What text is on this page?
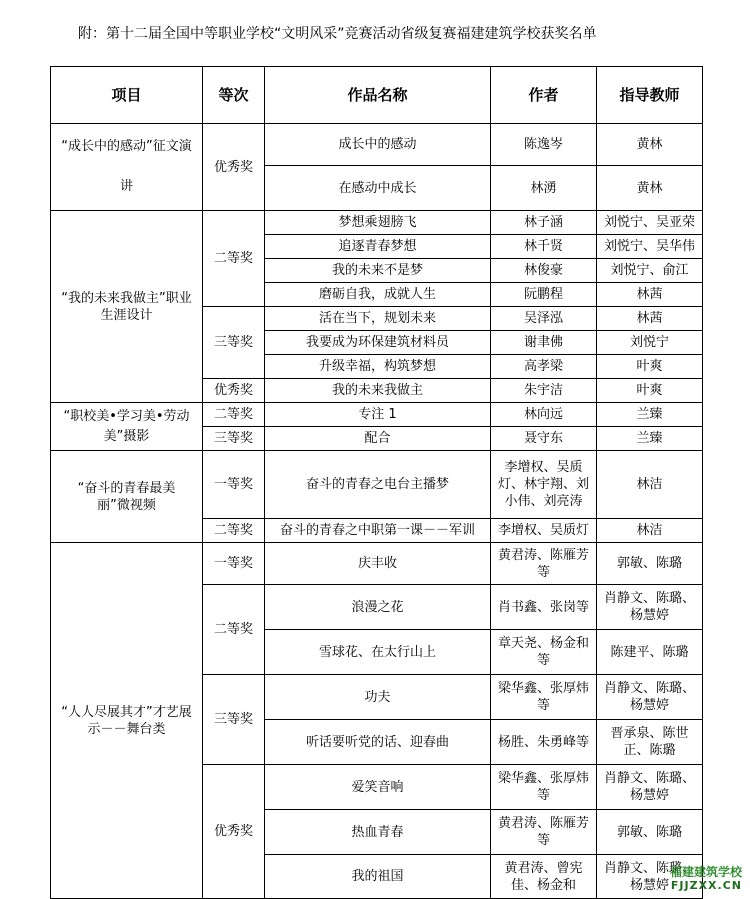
附：第十二届全国中等职业学校“文明风采”竞赛活动省级复赛福建建筑学校获奖名单
项目	等次	作品名称	作者	指导教师
“成长中的感动”征文演讲	优秀奖	成长中的感动	陈逸岑	黄林
		在感动中成长	林湧	黄林
“我的未来我做主”职业生涯设计	二等奖	梦想乘翅膀飞	林子涵	刘悦宁、吴亚荣
		追逐青春梦想	林千贤	刘悦宁、吴华伟
		我的未来不是梦	林俊豪	刘悦宁、俞江
		磨砺自我，成就人生	阮鹏程	林茜
	三等奖	活在当下，规划未来	吴泽泓	林茜
		我要成为环保建筑材料员	谢聿佛	刘悦宁
		升级幸福，构筑梦想	高孝梁	叶爽
	优秀奖	我的未来我做主	朱宇洁	叶爽
“职校美•学习美•劳动美”摄影	二等奖	专注 1	林向远	兰臻
	三等奖	配合	聂守东	兰臻
“奋斗的青春最美丽”微视频	一等奖	奋斗的青春之电台主播梦	李增权、吴质灯、林宇翔、刘小伟、刘亮涛	林洁
	二等奖	奋斗的青春之中职第一课－－军训	李增权、吴质灯	林洁
“人人尽展其才”才艺展示－－舞台类	一等奖	庆丰收	黄君涛、陈雁芳等	郭敏、陈璐
	二等奖	浪漫之花	肖书鑫、张岗等	肖静文、陈璐、杨慧婷
		雪球花、在太行山上	章天尧、杨金和等	陈建平、陈璐
	三等奖	功夫	梁华鑫、张厚炜等	肖静文、陈璐、杨慧婷
		听话要听党的话、迎春曲	杨胜、朱勇峰等	晋承泉、陈世正、陈璐
	优秀奖	爱笑音响	梁华鑫、张厚炜等	肖静文、陈璐、杨慧婷
		热血青春	黄君涛、陈雁芳等	郭敏、陈璐
		我的祖国	黄君涛、曾宪佳、杨金和	肖静文、陈璐、杨慧婷
福建建筑学校
FJJZXX.CN
